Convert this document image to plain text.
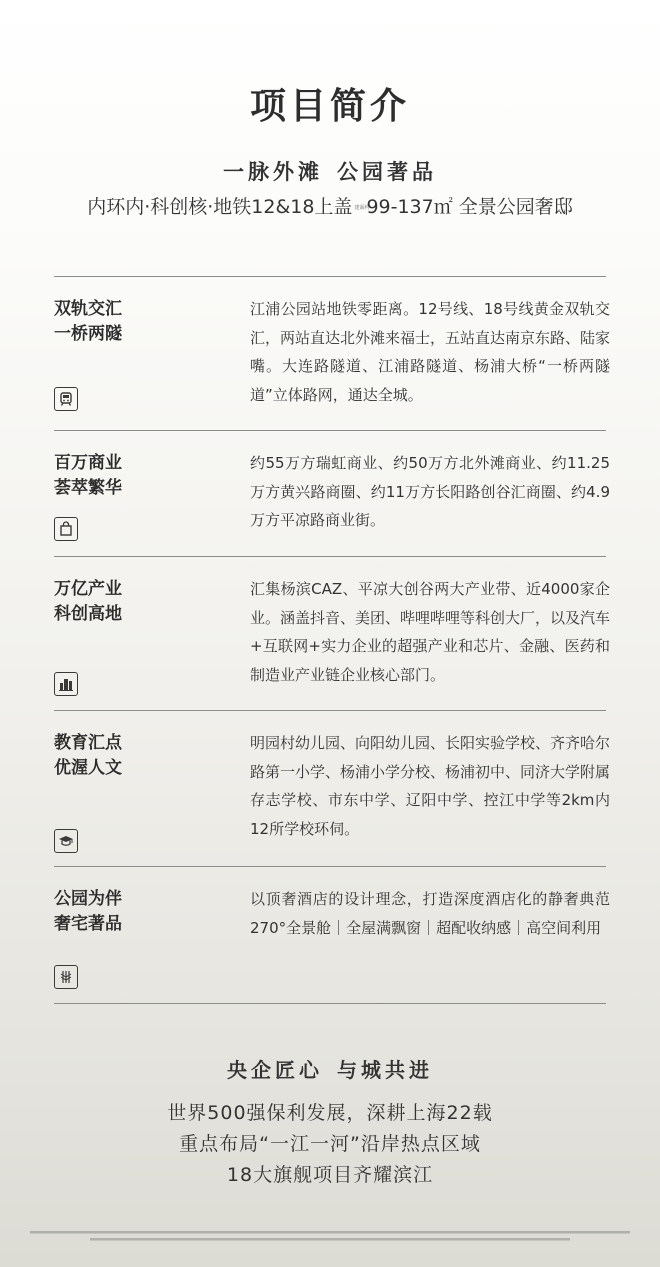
项目简介
一脉外滩 公园著品
内环内·科创核·地铁12&18上盖 建面约99-137㎡ 全景公园奢邸
双轨交汇
一桥两隧
江浦公园站地铁零距离。12号线、18号线黄金双轨交汇，两站直达北外滩来福士，五站直达南京东路、陆家嘴。大连路隧道、江浦路隧道、杨浦大桥“一桥两隧道”立体路网，通达全城。
百万商业
荟萃繁华
约55万方瑞虹商业、约50万方北外滩商业、约11.25万方黄兴路商圈、约11万方长阳路创谷汇商圈、约4.9万方平凉路商业街。
万亿产业
科创高地
汇集杨滨CAZ、平凉大创谷两大产业带、近4000家企业。涵盖抖音、美团、哔哩哔哩等科创大厂，以及汽车+互联网+实力企业的超强产业和芯片、金融、医药和制造业产业链企业核心部门。
教育汇点
优渥人文
明园村幼儿园、向阳幼儿园、长阳实验学校、齐齐哈尔路第一小学、杨浦小学分校、杨浦初中、同济大学附属存志学校、市东中学、辽阳中学、控江中学等2km内12所学校环伺。
公园为伴
奢宅著品
以顶奢酒店的设计理念，打造深度酒店化的静奢典范270°全景舱｜全屋满飘窗｜超配收纳感｜高空间利用
央企匠心 与城共进
世界500强保利发展，深耕上海22载
重点布局“一江一河”沿岸热点区域
18大旗舰项目齐耀滨江
